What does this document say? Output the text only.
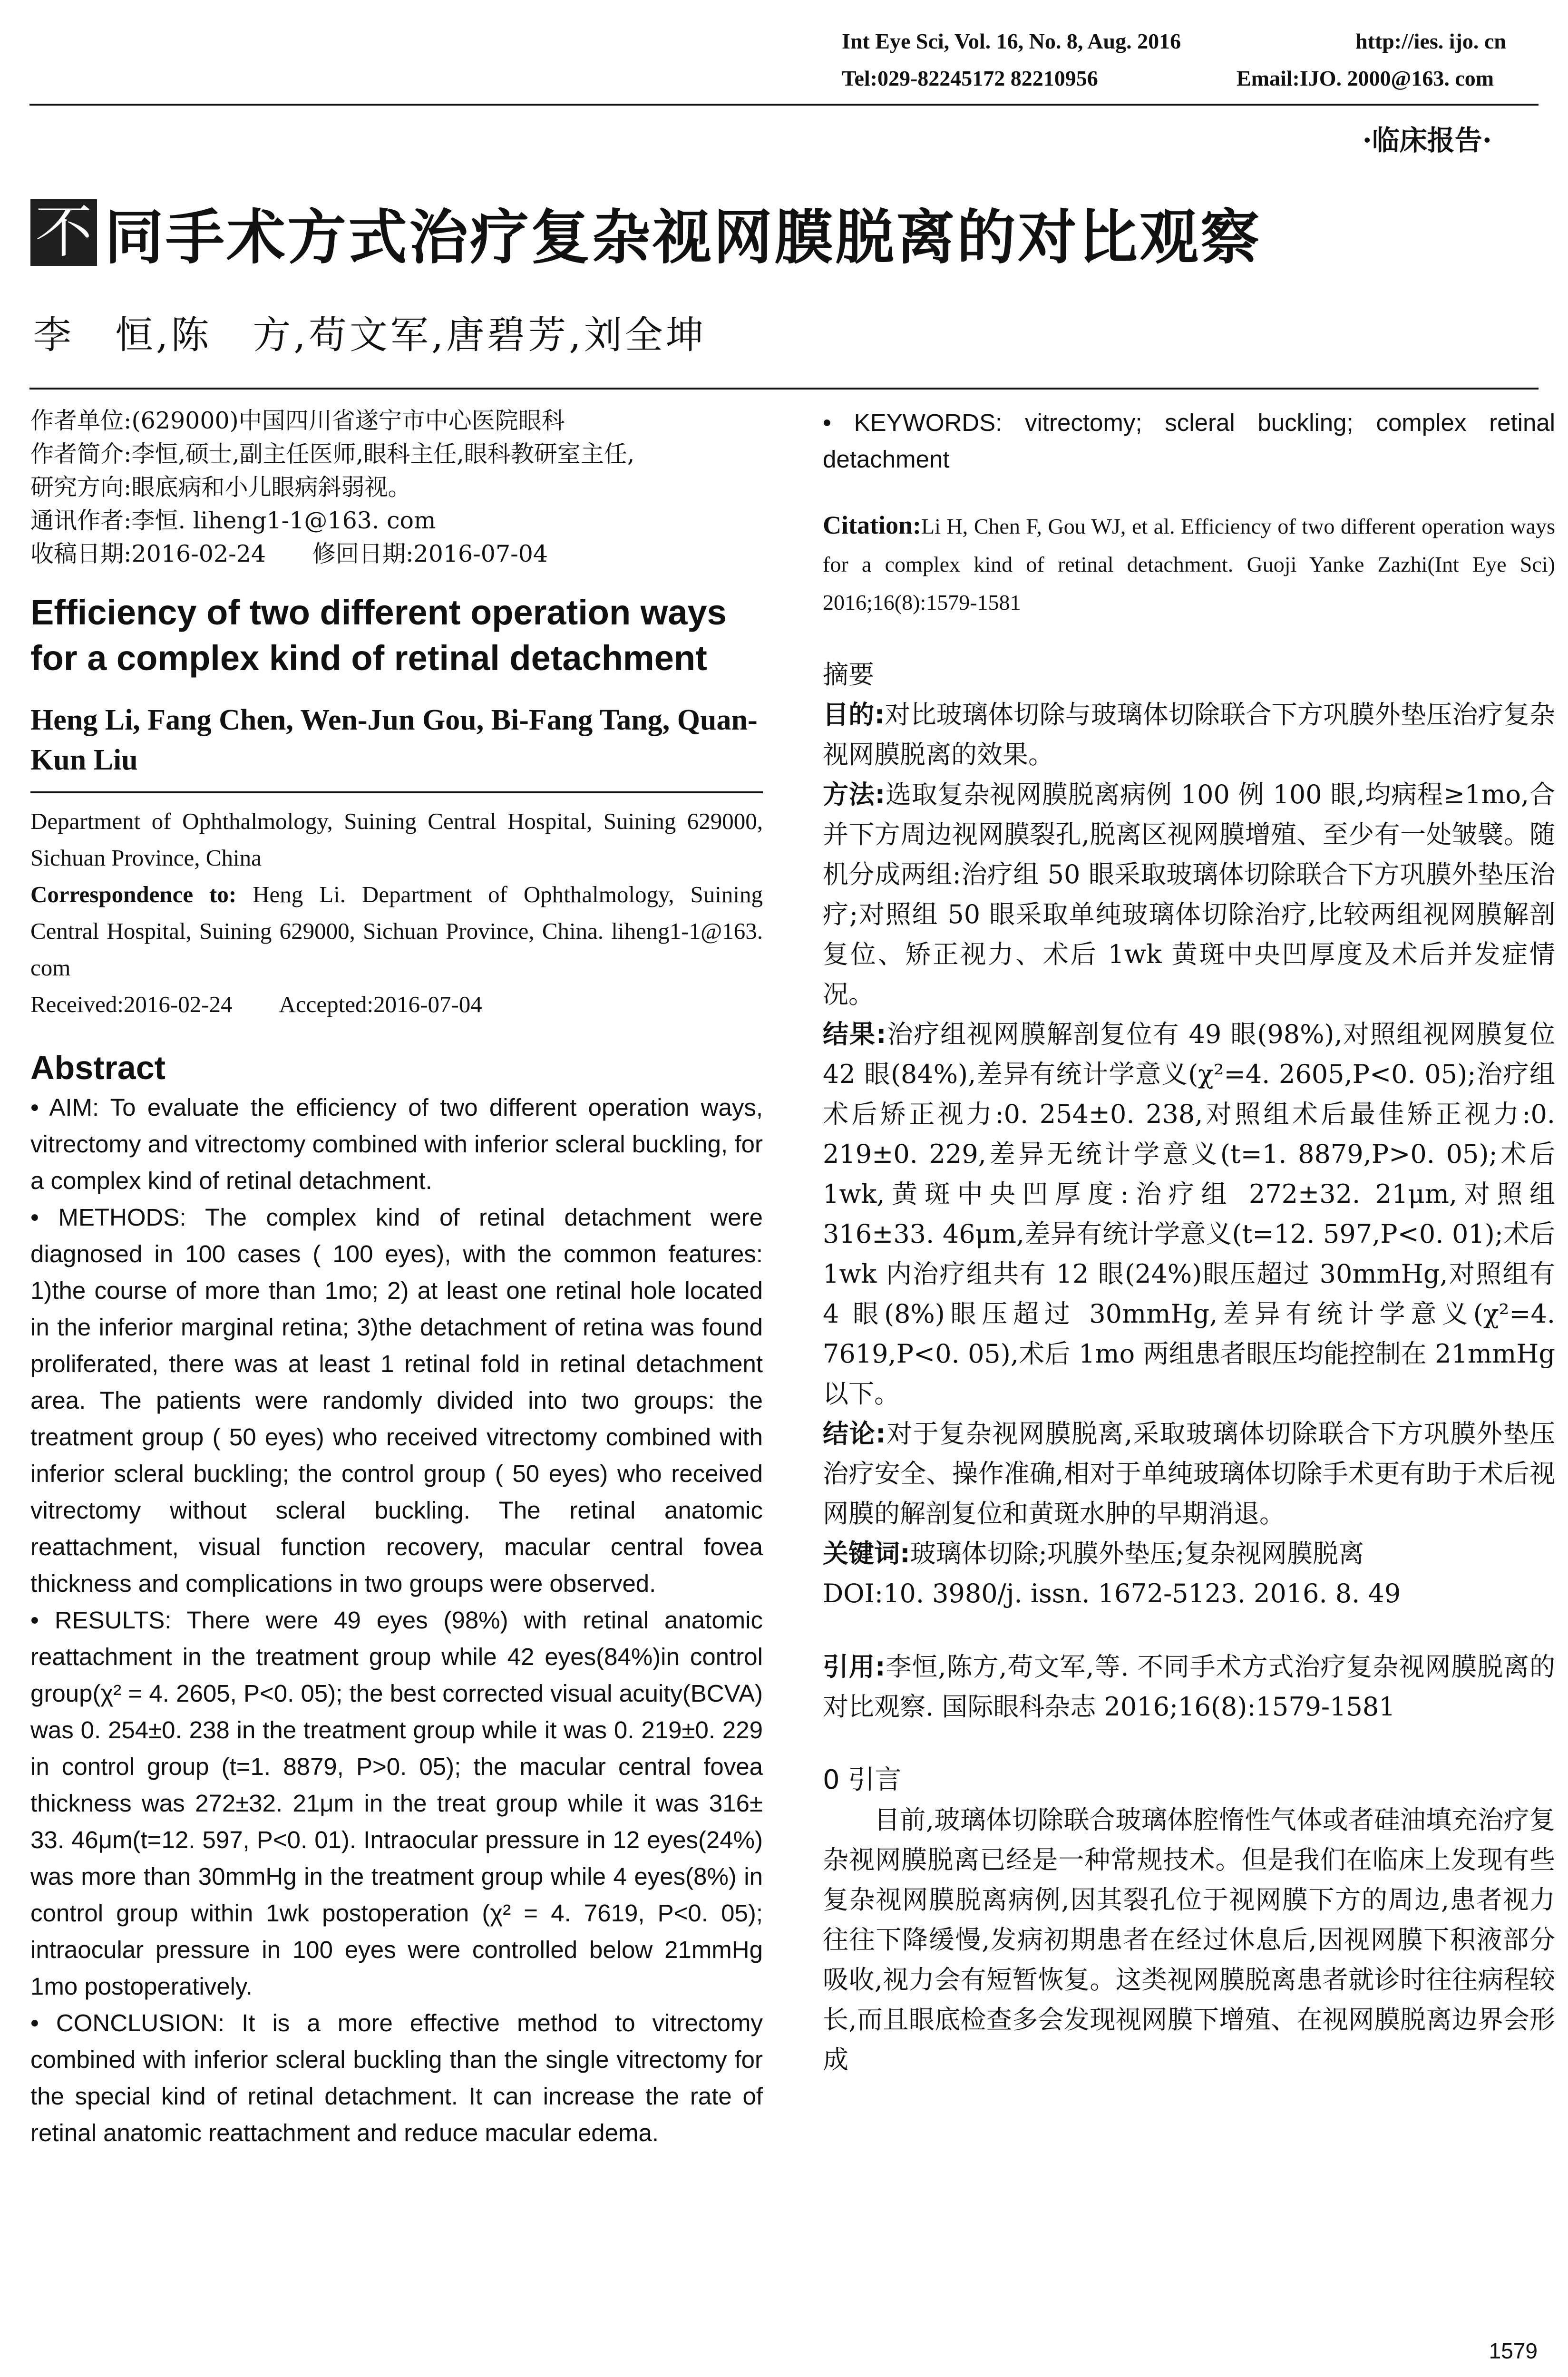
Int Eye Sci, Vol. 16, No. 8, Aug. 2016	http://ies. ijo. cn
Tel:029-82245172 82210956	Email:IJO. 2000@163. com
·临床报告·
不 同手术方式治疗复杂视网膜脱离的对比观察
李　恒,陈　方,苟文军,唐碧芳,刘全坤
作者单位:(629000)中国四川省遂宁市中心医院眼科
作者简介:李恒,硕士,副主任医师,眼科主任,眼科教研室主任,
研究方向:眼底病和小儿眼病斜弱视。
通讯作者:李恒. liheng1-1@163. com
收稿日期:2016-02-24　　修回日期:2016-07-04
Efficiency of two different operation ways for a complex kind of retinal detachment
Heng Li, Fang Chen, Wen-Jun Gou, Bi-Fang Tang, Quan-Kun Liu
Department of Ophthalmology, Suining Central Hospital, Suining 629000, Sichuan Province, China
Correspondence to: Heng Li. Department of Ophthalmology, Suining Central Hospital, Suining 629000, Sichuan Province, China. liheng1-1@163. com
Received:2016-02-24　　Accepted:2016-07-04
Abstract

• AIM: To evaluate the efficiency of two different operation ways, vitrectomy and vitrectomy combined with inferior scleral buckling, for a complex kind of retinal detachment.

• METHODS: The complex kind of retinal detachment were diagnosed in 100 cases ( 100 eyes), with the common features: 1)the course of more than 1mo; 2) at least one retinal hole located in the inferior marginal retina; 3)the detachment of retina was found proliferated, there was at least 1 retinal fold in retinal detachment area. The patients were randomly divided into two groups: the treatment group ( 50 eyes) who received vitrectomy combined with inferior scleral buckling; the control group ( 50 eyes) who received vitrectomy without scleral buckling. The retinal anatomic reattachment, visual function recovery, macular central fovea thickness and complications in two groups were observed.

• RESULTS: There were 49 eyes (98%) with retinal anatomic reattachment in the treatment group while 42 eyes(84%)in control group(χ² = 4. 2605, P<0. 05); the best corrected visual acuity(BCVA) was 0. 254±0. 238 in the treatment group while it was 0. 219±0. 229 in control group (t=1. 8879, P>0. 05); the macular central fovea thickness was 272±32. 21μm in the treat group while it was 316± 33. 46μm(t=12. 597, P<0. 01). Intraocular pressure in 12 eyes(24%) was more than 30mmHg in the treatment group while 4 eyes(8%) in control group within 1wk postoperation (χ² = 4. 7619, P<0. 05); intraocular pressure in 100 eyes were controlled below 21mmHg 1mo postoperatively.

• CONCLUSION: It is a more effective method to vitrectomy combined with inferior scleral buckling than the single vitrectomy for the special kind of retinal detachment. It can increase the rate of retinal anatomic reattachment and reduce macular edema.

• KEYWORDS: vitrectomy; scleral buckling; complex retinal detachment

Citation:Li H, Chen F, Gou WJ, et al. Efficiency of two different operation ways for a complex kind of retinal detachment. Guoji Yanke Zazhi(Int Eye Sci) 2016;16(8):1579-1581
摘要

目的:对比玻璃体切除与玻璃体切除联合下方巩膜外垫压治疗复杂视网膜脱离的效果。

方法:选取复杂视网膜脱离病例 100 例 100 眼,均病程≥1mo,合并下方周边视网膜裂孔,脱离区视网膜增殖、至少有一处皱襞。随机分成两组:治疗组 50 眼采取玻璃体切除联合下方巩膜外垫压治疗;对照组 50 眼采取单纯玻璃体切除治疗,比较两组视网膜解剖复位、矫正视力、术后 1wk 黄斑中央凹厚度及术后并发症情况。

结果:治疗组视网膜解剖复位有 49 眼(98%),对照组视网膜复位 42 眼(84%),差异有统计学意义(χ²=4. 2605,P<0. 05);治疗组术后矫正视力:0. 254±0. 238,对照组术后最佳矫正视力:0. 219±0. 229,差异无统计学意义(t=1. 8879,P>0. 05);术后 1wk,黄斑中央凹厚度:治疗组 272±32. 21μm,对照组 316±33. 46μm,差异有统计学意义(t=12. 597,P<0. 01);术后 1wk 内治疗组共有 12 眼(24%)眼压超过 30mmHg,对照组有 4 眼(8%)眼压超过 30mmHg,差异有统计学意义(χ²=4. 7619,P<0. 05),术后 1mo 两组患者眼压均能控制在 21mmHg 以下。

结论:对于复杂视网膜脱离,采取玻璃体切除联合下方巩膜外垫压治疗安全、操作准确,相对于单纯玻璃体切除手术更有助于术后视网膜的解剖复位和黄斑水肿的早期消退。

关键词:玻璃体切除;巩膜外垫压;复杂视网膜脱离

DOI:10. 3980/j. issn. 1672-5123. 2016. 8. 49

引用:李恒,陈方,苟文军,等. 不同手术方式治疗复杂视网膜脱离的对比观察. 国际眼科杂志 2016;16(8):1579-1581

0 引言

目前,玻璃体切除联合玻璃体腔惰性气体或者硅油填充治疗复杂视网膜脱离已经是一种常规技术。但是我们在临床上发现有些复杂视网膜脱离病例,因其裂孔位于视网膜下方的周边,患者视力往往下降缓慢,发病初期患者在经过休息后,因视网膜下积液部分吸收,视力会有短暂恢复。这类视网膜脱离患者就诊时往往病程较长,而且眼底检查多会发现视网膜下增殖、在视网膜脱离边界会形成

1579
